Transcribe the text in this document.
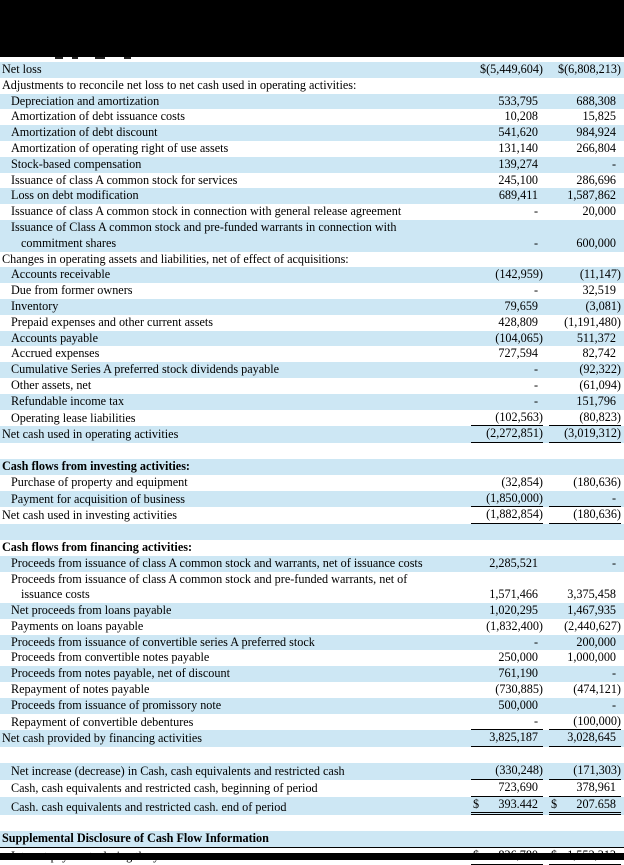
Net loss	$(5,449,604) $(6,808,213)
Adjustments to reconcile net loss to net cash used in operating activities:
Depreciation and amortization	533,795	688,308
Amortization of debt issuance costs	10,208	15,825
Amortization of debt discount	541,620	984,924
Amortization of operating right of use assets	131,140	266,804
Stock-based compensation	139,274	-
Issuance of class A common stock for services	245,100	286,696
Loss on debt modification	689,411	1,587,862
Issuance of class A common stock in connection with general release agreement	-	20,000
Issuance of Class A common stock and pre-funded warrants in connection with
commitment shares	-	600,000
Changes in operating assets and liabilities, net of effect of acquisitions:
Accounts receivable	(142,959)	(11,147)
Due from former owners	-	32,519
Inventory	79,659	(3,081)
Prepaid expenses and other current assets	428,809	(1,191,480)
Accounts payable	(104,065)	511,372
Accrued expenses	727,594	82,742
Cumulative Series A preferred stock dividends payable	-	(92,322)
Other assets, net	-	(61,094)
Refundable income tax	-	151,796
Operating lease liabilities	(102,563)	(80,823)
Net cash used in operating activities	(2,272,851) (3,019,312)
Cash flows from investing activities:
Purchase of property and equipment	(32,854) (180,636)
Payment for acquisition of business	(1,850,000)	-
Net cash used in investing activities	(1,882,854) (180,636)
Cash flows from financing activities:
Proceeds from issuance of class A common stock and warrants, net of issuance costs	2,285,521	-
Proceeds from issuance of class A common stock and pre-funded warrants, net of
issuance costs	1,571,466	3,375,458
Net proceeds from loans payable	1,020,295	1,467,935
Payments on loans payable	(1,832,400) (2,440,627)
Proceeds from issuance of convertible series A preferred stock	-	200,000
Proceeds from convertible notes payable	250,000	1,000,000
Proceeds from notes payable, net of discount	761,190	-
Repayment of notes payable	(730,885) (474,121)
Proceeds from issuance of promissory note	500,000	-
Repayment of convertible debentures	-	(100,000)
Net cash provided by financing activities	3,825,187	3,028,645
Net increase (decrease) in Cash, cash equivalents and restricted cash	(330,248) (171,303)
Cash, cash equivalents and restricted cash, beginning of period	723,690	378,961
Cash. cash equivalents and restricted cash. end of period	$ 393.442	$ 207.658
Supplemental Disclosure of Cash Flow Information
